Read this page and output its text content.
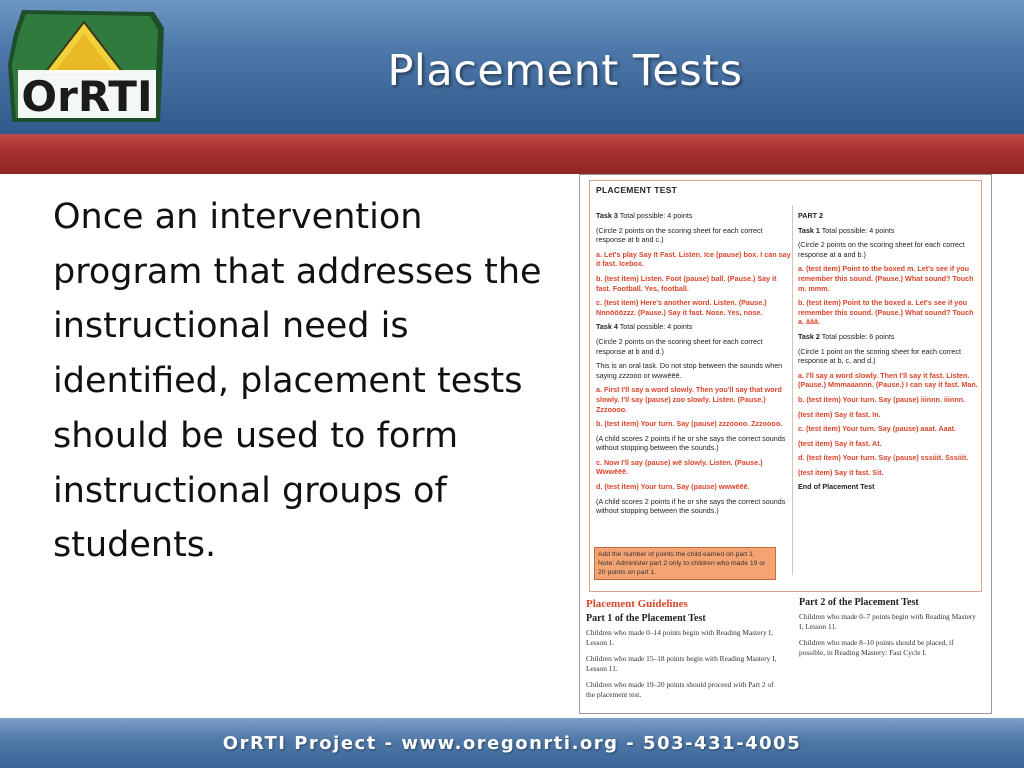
OrRTI
Placement Tests
Once an intervention program that addresses the instructional need is identified, placement tests should be used to form instructional groups of students.
PLACEMENT TEST

Task 3 Total possible: 4 points

(Circle 2 points on the scoring sheet for each correct response at b and c.)

a. Let's play Say It Fast. Listen. Ice (pause) box. I can say it fast. Icebox.

b. (test item) Listen. Foot (pause) ball. (Pause.) Say it fast. Football. Yes, football.

c. (test item) Here's another word. Listen. (Pause.) Nnnööözzz. (Pause.) Say it fast. Nose. Yes, nose.

Task 4 Total possible: 4 points

(Circle 2 points on the scoring sheet for each correct response at b and d.)

This is an oral task. Do not stop between the sounds when saying zzzooo or wwwēēē.

a. First I'll say a word slowly. Then you'll say that word slowly. I'll say (pause) zoo slowly. Listen. (Pause.) Zzzoooo.

b. (test item) Your turn. Say (pause) zzzoooo. Zzzoooo.

(A child scores 2 points if he or she says the correct sounds without stopping between the sounds.)

c. Now I'll say (pause) wē slowly. Listen. (Pause.) Wwwēēē.

d. (test item) Your turn. Say (pause) wwwēēē.

(A child scores 2 points if he or she says the correct sounds without stopping between the sounds.)

Add the number of points the child earned on part 1. Note: Administer part 2 only to children who made 19 or 20 points on part 1.

PART 2

Task 1 Total possible: 4 points

(Circle 2 points on the scoring sheet for each correct response at a and b.)

a. (test item) Point to the boxed m. Let's see if you remember this sound. (Pause.) What sound? Touch m. mmm.

b. (test item) Point to the boxed a. Let's see if you remember this sound. (Pause.) What sound? Touch a. ăăă.

Task 2 Total possible: 6 points

(Circle 1 point on the scoring sheet for each correct response at b, c, and d.)

a. I'll say a word slowly. Then I'll say it fast. Listen. (Pause.) Mmmaaannn. (Pause.) I can say it fast. Man.

b. (test item) Your turn. Say (pause) iiinnn. iiinnn.

(test item) Say it fast. In.

c. (test item) Your turn. Say (pause) aaat. Aaat.

(test item) Say it fast. At.

d. (test item) Your turn. Say (pause) sssiiit. Sssiiit.

(test item) Say it fast. Sit.

End of Placement Test

Placement Guidelines
Part 1 of the Placement Test

Children who made 0–14 points begin with Reading Mastery I, Lesson 1.

Children who made 15–18 points begin with Reading Mastery I, Lesson 11.

Children who made 19–20 points should proceed with Part 2 of the placement test.

Part 2 of the Placement Test

Children who made 0–7 points begin with Reading Mastery I, Lesson 11.

Children who made 8–10 points should be placed, if possible, in Reading Mastery: Fast Cycle I.

OrRTI Project - www.oregonrti.org - 503-431-4005
